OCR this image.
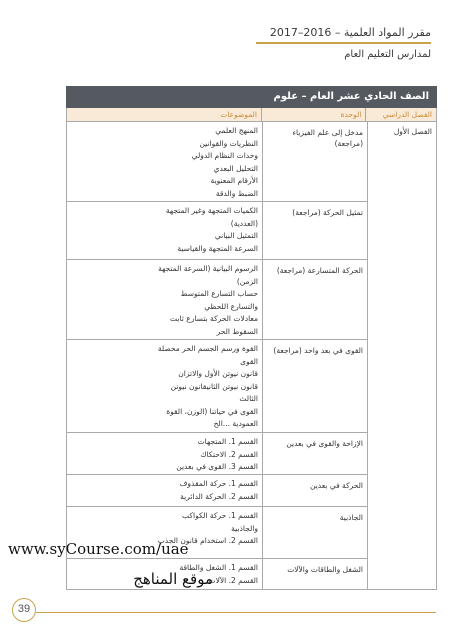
مقرر المواد العلمية – 2016–2017
لمدارس التعليم العام
الصف الحادي عشر العام – علوم
الفصل الدراسي
الوحدة
الموضوعات
الفصل الأول
مدخل إلى علم الفيزياء (مراجعة)
المنهج العلمي
النظريات والقوانين
وحدات النظام الدولي
التحليل البعدي
الأرقام المعنوية
الضبط والدقة
تمثيل الحركة (مراجعة)
الكميات المتجهة وغير المتجهة
(العددية)
التمثيل البياني
السرعة المتجهة والقياسية
الحركة المتسارعة (مراجعة)
الرسوم البيانية (السرعة المتجهة
الزمن)
حساب التسارع المتوسط
والتسارع اللحظي
معادلات الحركة بتسارع ثابت
السقوط الحر
القوى في بعد واحد (مراجعة)
القوة ورسم الجسم الحر محصلة
القوى
قانون نيوتن الأول والاتزان
قانون نيوتن الثانيقانون نيوتن
الثالث
القوى في حياتنا (الوزن، القوة
العمودية ...الخ
الإزاحة والقوى في بعدين
القسم 1. المتجهات
القسم 2. الاحتكاك
القسم 3. القوى في بعدين
الحركة في بعدين
القسم 1. حركة المقذوف
القسم 2. الحركة الدائرية
الجاذبية
القسم 1. حركة الكواكب
والجاذبية
القسم 2. استخدام قانون الجذب
الشغل والطاقات والآلات
القسم 1. الشغل والطاقة
القسم 2. الآلات
www.syCourse.com/uae
موقع المناهج
39
